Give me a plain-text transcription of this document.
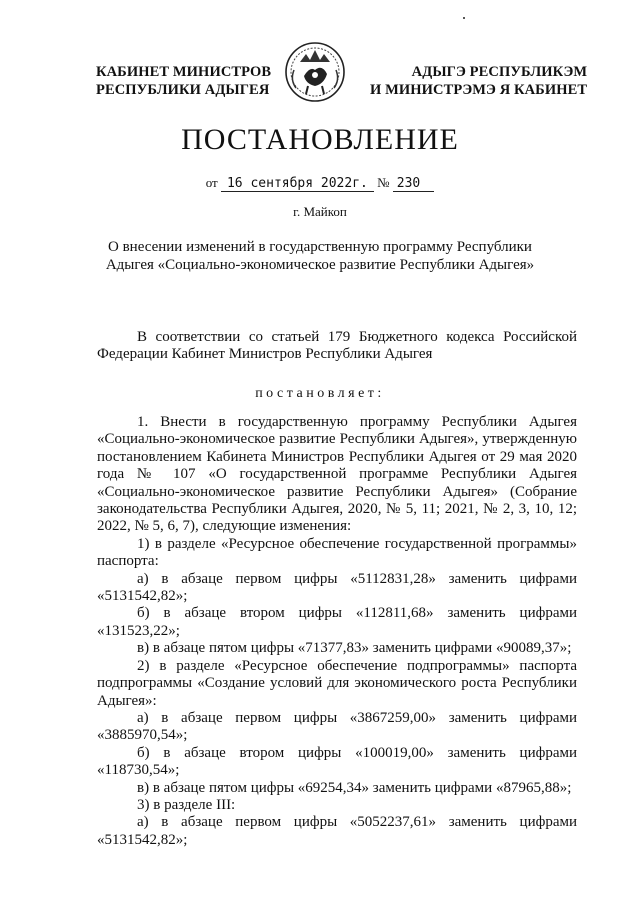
КАБИНЕТ МИНИСТРОВ
РЕСПУБЛИКИ АДЫГЕЯ
АДЫГЭ РЕСПУБЛИКЭМ
И МИНИСТРЭМЭ Я КАБИНЕТ
ПОСТАНОВЛЕНИЕ
от 16 сентября 2022г. № 230
г. Майкоп
О внесении изменений в государственную программу Республики Адыгея «Социально-экономическое развитие Республики Адыгея»

В соответствии со статьей 179 Бюджетного кодекса Российской Федерации Кабинет Министров Республики Адыгея

постановляет:

1. Внести в государственную программу Республики Адыгея «Социально-экономическое развитие Республики Адыгея», утвержденную постановлением Кабинета Министров Республики Адыгея от 29 мая 2020 года № 107 «О государственной программе Республики Адыгея «Социально-экономическое развитие Республики Адыгея» (Собрание законодательства Республики Адыгея, 2020, № 5, 11; 2021, № 2, 3, 10, 12; 2022, № 5, 6, 7), следующие изменения:

1) в разделе «Ресурсное обеспечение государственной программы» паспорта:

а) в абзаце первом цифры «5112831,28» заменить цифрами «5131542,82»;

б) в абзаце втором цифры «112811,68» заменить цифрами «131523,22»;

в) в абзаце пятом цифры «71377,83» заменить цифрами «90089,37»;

2) в разделе «Ресурсное обеспечение подпрограммы» паспорта подпрограммы «Создание условий для экономического роста Республики Адыгея»:

а) в абзаце первом цифры «3867259,00» заменить цифрами «3885970,54»;

б) в абзаце втором цифры «100019,00» заменить цифрами «118730,54»;

в) в абзаце пятом цифры «69254,34» заменить цифрами «87965,88»;

3) в разделе III:

а) в абзаце первом цифры «5052237,61» заменить цифрами «5131542,82»;
